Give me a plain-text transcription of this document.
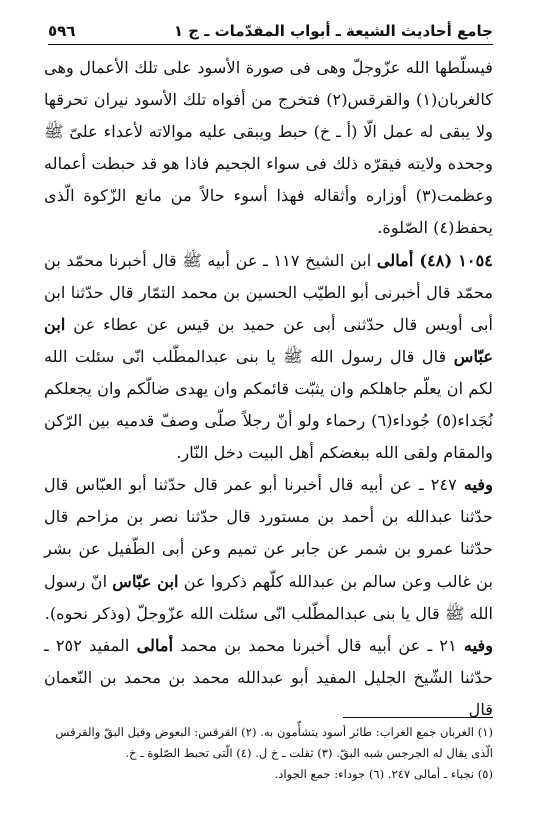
جامع أحاديث الشيعة ـ أبواب المقدّمات ـ ج ١
٥٩٦

فيسلّطها الله عزّوجلّ وهى فى صورة الأسود على تلك الأعمال وهى كالغربان(١) والقرقس(٢) فتخرج من أفواه تلك الأسود نيران تحرقها ولا يبقى له عمل الّا (أ ـ خ) حبط ويبقى عليه موالاته لأعداء علىّ ﷺ وجحده ولايته فيقرّه ذلك فى سواء الجحيم فاذا هو قد حبطت أعماله وعظمت(٣) أوزاره وأثقاله فهذا أسوء حالاً من مانع الزّكوة الّذى يحفظ(٤) الصّلوة.

١٠٥٤ (٤٨) أمالى ابن الشيخ ١١٧ ـ عن أبيه ﷺ قال أخبرنا محمّد بن محمّد قال أخبرنى أبو الطيّب الحسين بن محمد التمّار قال حدّثنا ابن أبى أويس قال حدّثنى أبى عن حميد بن قيس عن عطاء عن ابن عبّاس قال قال رسول الله ﷺ يا بنى عبدالمطّلب انّى سئلت الله لكم ان يعلّم جاهلكم وان يثبّت قائمكم وان يهدى ضالّكم وان يجعلكم نُجَداء(٥) جُوداء(٦) رحماء ولو أنّ رجلاً صلّى وصفّ قدميه بين الرّكن والمقام ولقى الله ببغضكم أهل البيت دخل النّار.

وفيه ٢٤٧ ـ عن أبيه قال أخبرنا أبو عمر قال حدّثنا أبو العبّاس قال حدّثنا عبدالله بن أحمد بن مستورد قال حدّثنا نصر بن مزاحم قال حدّثنا عمرو بن شمر عن جابر عن تميم وعن أبى الطّفيل عن بشر بن غالب وعن سالم بن عبدالله كلّهم ذكروا عن ابن عبّاس انّ رسول الله ﷺ قال يا بنى عبدالمطّلب انّى سئلت الله عزّوجلّ (وذكر نحوه).

وفيه ٢١ ـ عن أبيه قال أخبرنا محمد بن محمد أمالى المفيد ٢٥٢ ـ حدّثنا الشّيخ الجليل المفيد أبو عبدالله محمد بن محمد بن النّعمان قال

(١) الغربان جمع الغراب: طائر أسود يتشأّمون به. (٢) القرقس: البعوض وقيل البقّ والقرقس الّذى يقال له الجرجس شبه البقّ. (٣) ثقلت ـ خ ل. (٤) الّتى تحبط الصّلوة ـ خ.

(٥) نجباء ـ أمالى ٢٤٧. (٦) جوداء: جمع الجواد.
